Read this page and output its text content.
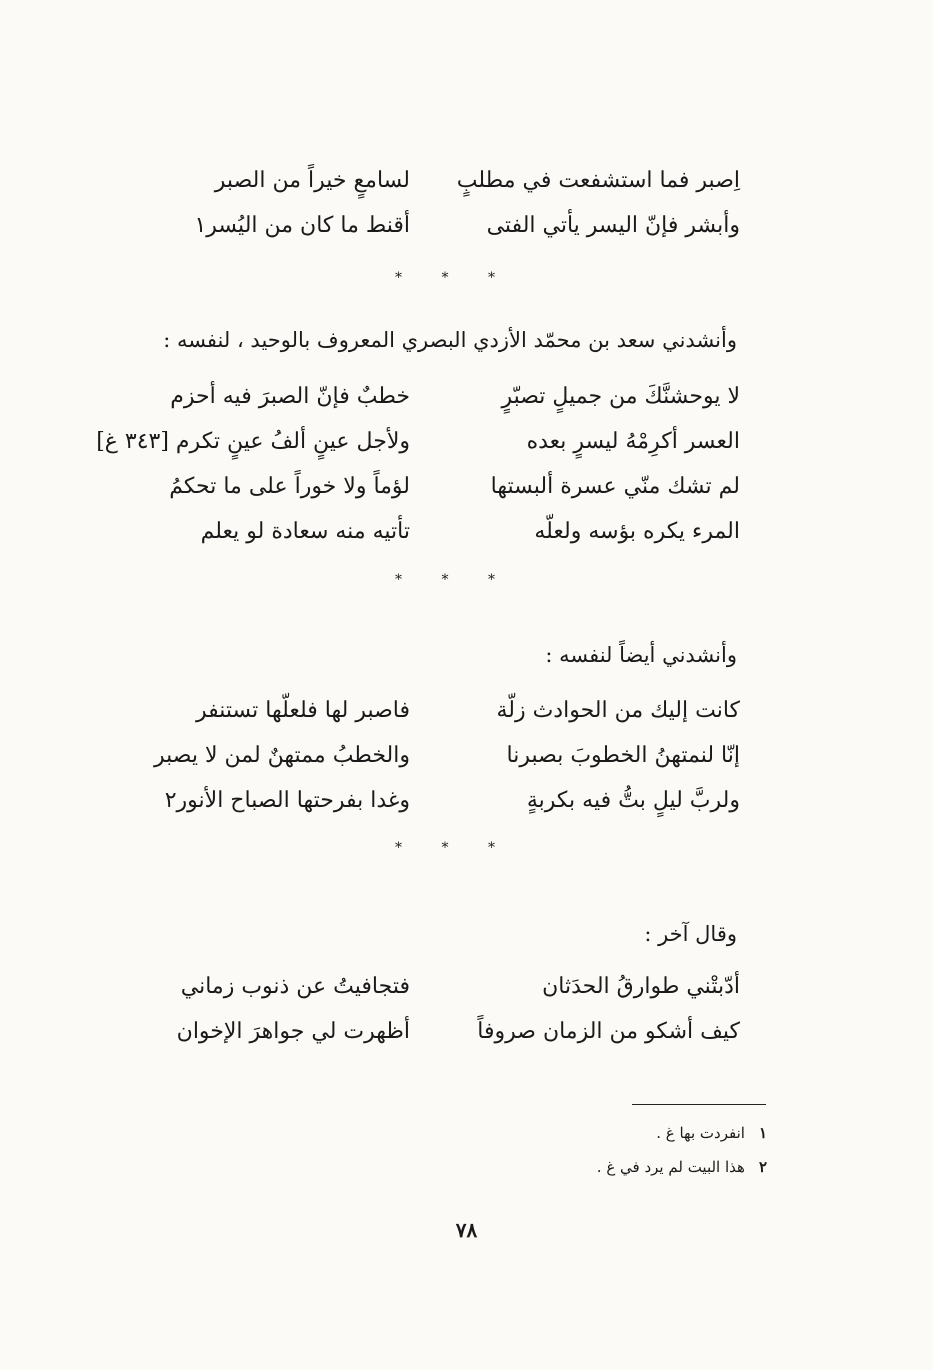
اِصبر فما استشفعت في مطلبٍ
لسامعٍ خيراً من الصبر
وأبشر فإنّ اليسر يأتي الفتى
أقنط ما كان من اليُسر١
*
*
*
وأنشدني سعد بن محمّد الأزدي البصري المعروف بالوحيد ، لنفسه :
لا يوحشنَّكَ من جميلٍ تصبّرٍ
خطبٌ فإنّ الصبرَ فيه أحزم
العسر أكرِمْهُ ليسرٍ بعده
ولأجل عينٍ ألفُ عينٍ تكرم [٣٤٣ غ]
لم تشك منّي عسرة ألبستها
لؤماً ولا خوراً على ما تحكمُ
المرء يكره بؤسه ولعلّه
تأتيه منه سعادة لو يعلم
*
*
*
وأنشدني أيضاً لنفسه :
كانت إليك من الحوادث زلّة
فاصبر لها فلعلّها تستنفر
إنّا لنمتهنُ الخطوبَ بصبرنا
والخطبُ ممتهنٌ لمن لا يصبر
ولربَّ ليلٍ بتُّ فيه بكربةٍ
وغدا بفرحتها الصباح الأنور٢
*
*
*
وقال آخر :
أدّبتْني طوارقُ الحدَثان
فتجافيتُ عن ذنوب زماني
كيف أشكو من الزمان صروفاً
أظهرت لي جواهرَ الإخوان
١انفردت بها غ .
٢هذا البيت لم يرد في غ .
٧٨
